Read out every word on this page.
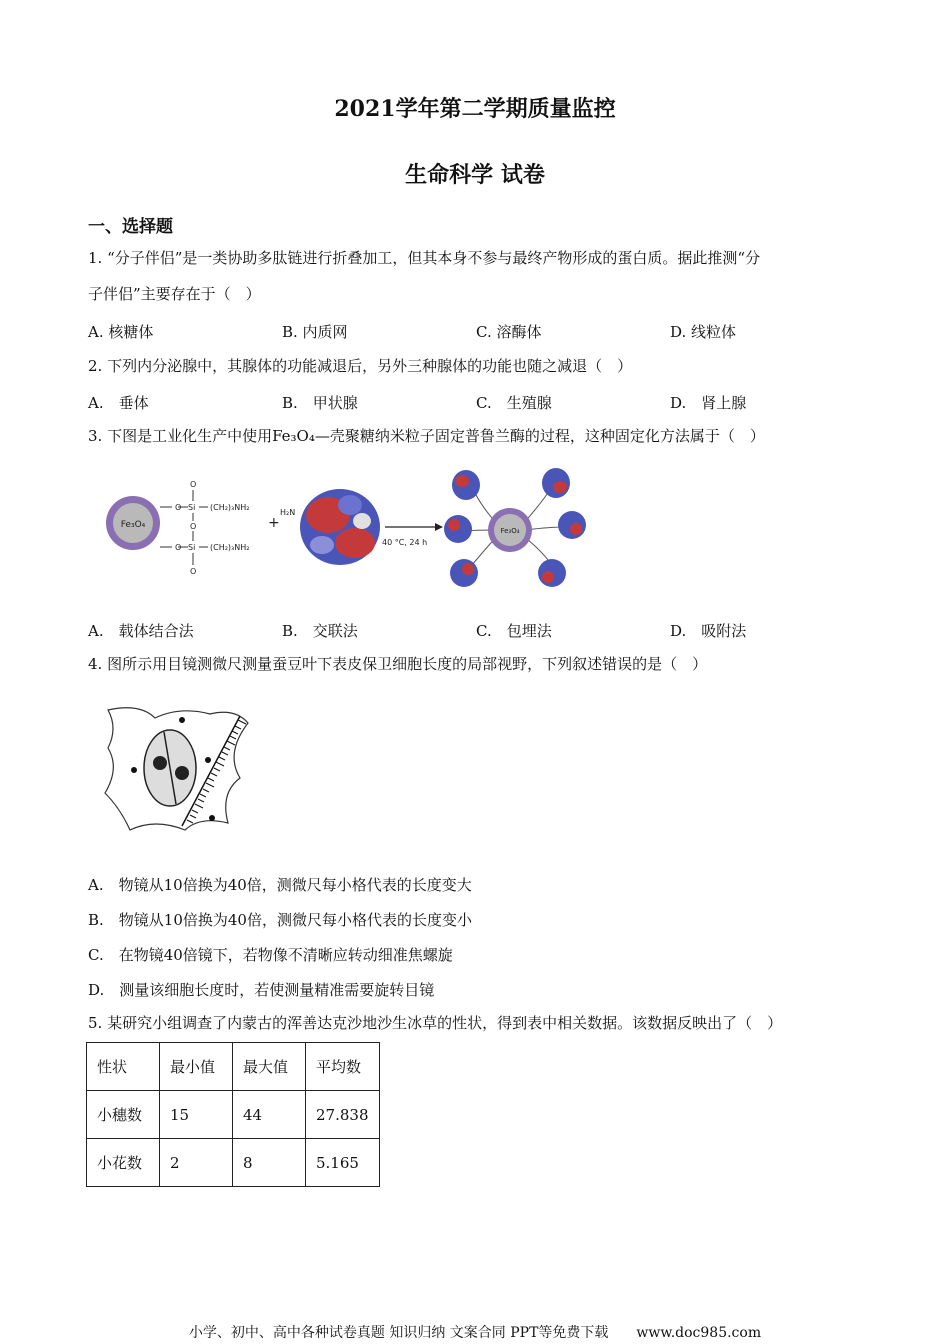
2021学年第二学期质量监控
生命科学 试卷
一、选择题
1. “分子伴侣”是一类协助多肽链进行折叠加工，但其本身不参与最终产物形成的蛋白质。据此推测“分
子伴侣”主要存在于（　）
A. 核糖体	B. 内质网	C. 溶酶体	D. 线粒体
2. 下列内分泌腺中，其腺体的功能减退后，另外三种腺体的功能也随之减退（　）
A.　垂体	B.　甲状腺	C.　生殖腺	D.　肾上腺
3. 下图是工业化生产中使用Fe₃O₄—壳聚糖纳米粒子固定普鲁兰酶的过程，这种固定化方法属于（　）
Fe₃O₄
O
O
O
O
O
Si
Si
(CH₂)₃NH₂
(CH₂)₃NH₂
+
H₂N
40 °C, 24 h
Fe₃O₄
A.　载体结合法	B.　交联法	C.　包埋法	D.　吸附法
4. 图所示用目镜测微尺测量蚕豆叶下表皮保卫细胞长度的局部视野，下列叙述错误的是（　）
A.　物镜从10倍换为40倍，测微尺每小格代表的长度变大
B.　物镜从10倍换为40倍，测微尺每小格代表的长度变小
C.　在物镜40倍镜下，若物像不清晰应转动细准焦螺旋
D.　测量该细胞长度时，若使测量精准需要旋转目镜
5. 某研究小组调查了内蒙古的浑善达克沙地沙生冰草的性状，得到表中相关数据。该数据反映出了（　）
性状	最小值	最大值	平均数
小穗数	15	44	27.838
小花数	2	8	5.165
小学、初中、高中各种试卷真题 知识归纳 文案合同 PPT等免费下载　　www.doc985.com
